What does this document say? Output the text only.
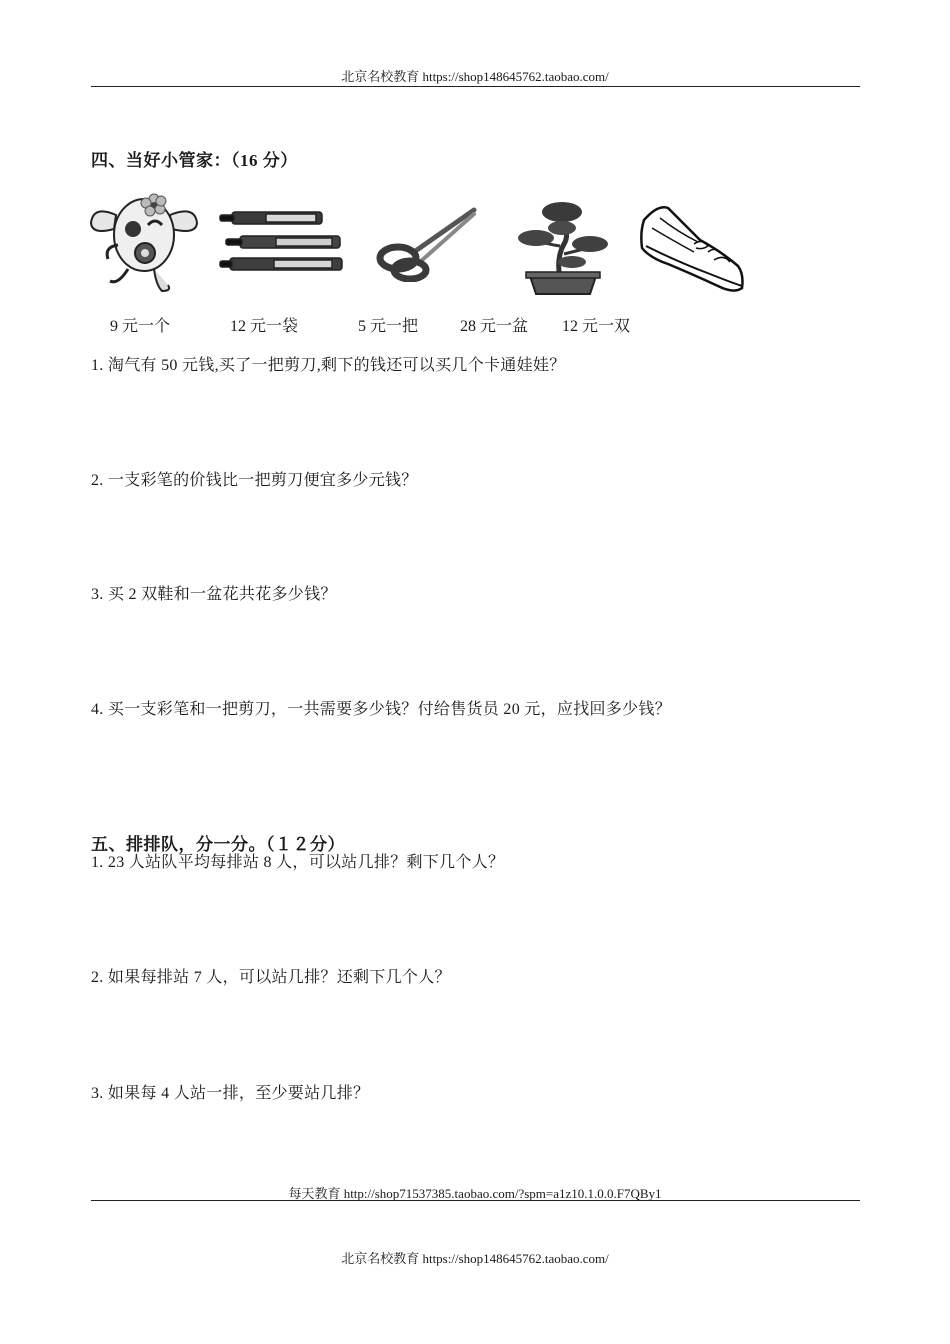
北京名校教育 https://shop148645762.taobao.com/
四、当好小管家：（16 分）
9 元一个	12 元一袋	5 元一把	28 元一盆 12 元一双
1. 淘气有 50 元钱,买了一把剪刀,剩下的钱还可以买几个卡通娃娃？
2. 一支彩笔的价钱比一把剪刀便宜多少元钱？
3. 买 2 双鞋和一盆花共花多少钱？
4. 买一支彩笔和一把剪刀，一共需要多少钱？付给售货员 20 元，应找回多少钱？
五、排排队，分一分。（１２分）
1. 23 人站队平均每排站 8 人，可以站几排？剩下几个人？
2. 如果每排站 7 人，可以站几排？还剩下几个人？
3. 如果每 4 人站一排，至少要站几排？
每天教育 http://shop71537385.taobao.com/?spm=a1z10.1.0.0.F7QBy1
北京名校教育 https://shop148645762.taobao.com/
